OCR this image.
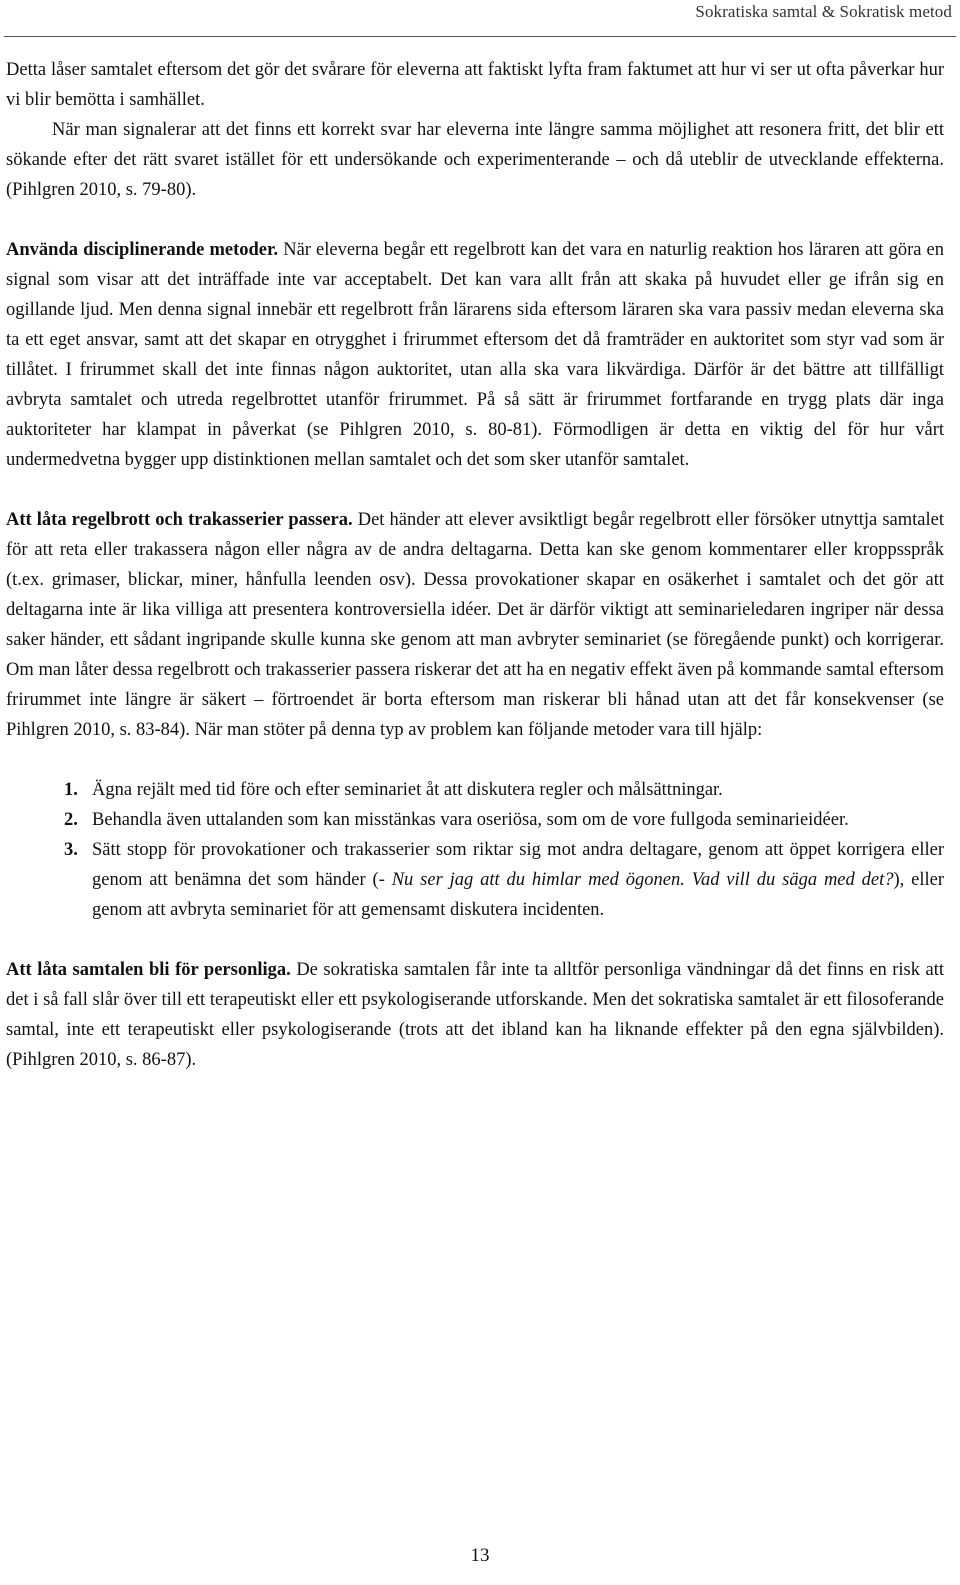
Sokratiska samtal & Sokratisk metod

Detta låser samtalet eftersom det gör det svårare för eleverna att faktiskt lyfta fram faktumet att hur vi ser ut ofta påverkar hur vi blir bemötta i samhället.

När man signalerar att det finns ett korrekt svar har eleverna inte längre samma möjlighet att resonera fritt, det blir ett sökande efter det rätt svaret istället för ett undersökande och experimenterande – och då uteblir de utvecklande effekterna. (Pihlgren 2010, s. 79-80).

Använda disciplinerande metoder. När eleverna begår ett regelbrott kan det vara en naturlig reaktion hos läraren att göra en signal som visar att det inträffade inte var acceptabelt. Det kan vara allt från att skaka på huvudet eller ge ifrån sig en ogillande ljud. Men denna signal innebär ett regelbrott från lärarens sida eftersom läraren ska vara passiv medan eleverna ska ta ett eget ansvar, samt att det skapar en otrygghet i frirummet eftersom det då framträder en auktoritet som styr vad som är tillåtet. I frirummet skall det inte finnas någon auktoritet, utan alla ska vara likvärdiga. Därför är det bättre att tillfälligt avbryta samtalet och utreda regelbrottet utanför frirummet. På så sätt är frirummet fortfarande en trygg plats där inga auktoriteter har klampat in påverkat (se Pihlgren 2010, s. 80-81). Förmodligen är detta en viktig del för hur vårt undermedvetna bygger upp distinktionen mellan samtalet och det som sker utanför samtalet.

Att låta regelbrott och trakasserier passera. Det händer att elever avsiktligt begår regelbrott eller försöker utnyttja samtalet för att reta eller trakassera någon eller några av de andra deltagarna. Detta kan ske genom kommentarer eller kroppsspråk (t.ex. grimaser, blickar, miner, hånfulla leenden osv). Dessa provokationer skapar en osäkerhet i samtalet och det gör att deltagarna inte är lika villiga att presentera kontroversiella idéer. Det är därför viktigt att seminarieledaren ingriper när dessa saker händer, ett sådant ingripande skulle kunna ske genom att man avbryter seminariet (se föregående punkt) och korrigerar. Om man låter dessa regelbrott och trakasserier passera riskerar det att ha en negativ effekt även på kommande samtal eftersom frirummet inte längre är säkert – förtroendet är borta eftersom man riskerar bli hånad utan att det får konsekvenser (se Pihlgren 2010, s. 83-84). När man stöter på denna typ av problem kan följande metoder vara till hjälp:

1. Ägna rejält med tid före och efter seminariet åt att diskutera regler och målsättningar.
2. Behandla även uttalanden som kan misstänkas vara oseriösa, som om de vore fullgoda seminarieidéer.
3. Sätt stopp för provokationer och trakasserier som riktar sig mot andra deltagare, genom att öppet korrigera eller genom att benämna det som händer (- Nu ser jag att du himlar med ögonen. Vad vill du säga med det?), eller genom att avbryta seminariet för att gemensamt diskutera incidenten.

Att låta samtalen bli för personliga. De sokratiska samtalen får inte ta alltför personliga vändningar då det finns en risk att det i så fall slår över till ett terapeutiskt eller ett psykologiserande utforskande. Men det sokratiska samtalet är ett filosoferande samtal, inte ett terapeutiskt eller psykologiserande (trots att det ibland kan ha liknande effekter på den egna självbilden). (Pihlgren 2010, s. 86-87).

13
